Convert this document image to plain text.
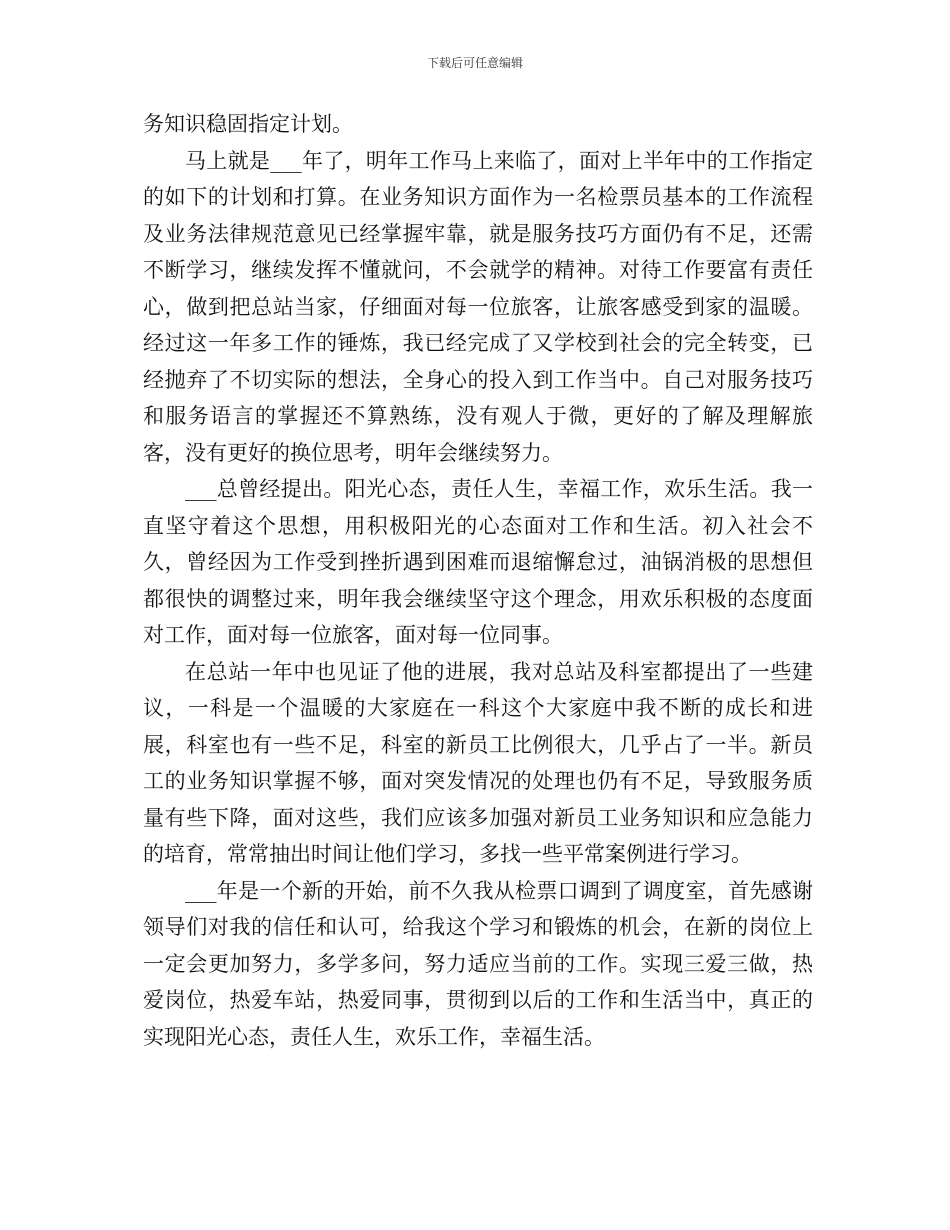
下载后可任意编辑

务知识稳固指定计划。

马上就是___年了，明年工作马上来临了，面对上半年中的工作指定的如下的计划和打算。在业务知识方面作为一名检票员基本的工作流程及业务法律规范意见已经掌握牢靠，就是服务技巧方面仍有不足，还需不断学习，继续发挥不懂就问，不会就学的精神。对待工作要富有责任心，做到把总站当家，仔细面对每一位旅客，让旅客感受到家的温暖。经过这一年多工作的锤炼，我已经完成了又学校到社会的完全转变，已经抛弃了不切实际的想法，全身心的投入到工作当中。自己对服务技巧和服务语言的掌握还不算熟练，没有观人于微，更好的了解及理解旅客，没有更好的换位思考，明年会继续努力。

___总曾经提出。阳光心态，责任人生，幸福工作，欢乐生活。我一直坚守着这个思想，用积极阳光的心态面对工作和生活。初入社会不久，曾经因为工作受到挫折遇到困难而退缩懈怠过，油锅消极的思想但都很快的调整过来，明年我会继续坚守这个理念，用欢乐积极的态度面对工作，面对每一位旅客，面对每一位同事。

在总站一年中也见证了他的进展，我对总站及科室都提出了一些建议，一科是一个温暖的大家庭在一科这个大家庭中我不断的成长和进展，科室也有一些不足，科室的新员工比例很大，几乎占了一半。新员工的业务知识掌握不够，面对突发情况的处理也仍有不足，导致服务质量有些下降，面对这些，我们应该多加强对新员工业务知识和应急能力的培育，常常抽出时间让他们学习，多找一些平常案例进行学习。

___年是一个新的开始，前不久我从检票口调到了调度室，首先感谢领导们对我的信任和认可，给我这个学习和锻炼的机会，在新的岗位上一定会更加努力，多学多问，努力适应当前的工作。实现三爱三做，热爱岗位，热爱车站，热爱同事，贯彻到以后的工作和生活当中，真正的实现阳光心态，责任人生，欢乐工作，幸福生活。
